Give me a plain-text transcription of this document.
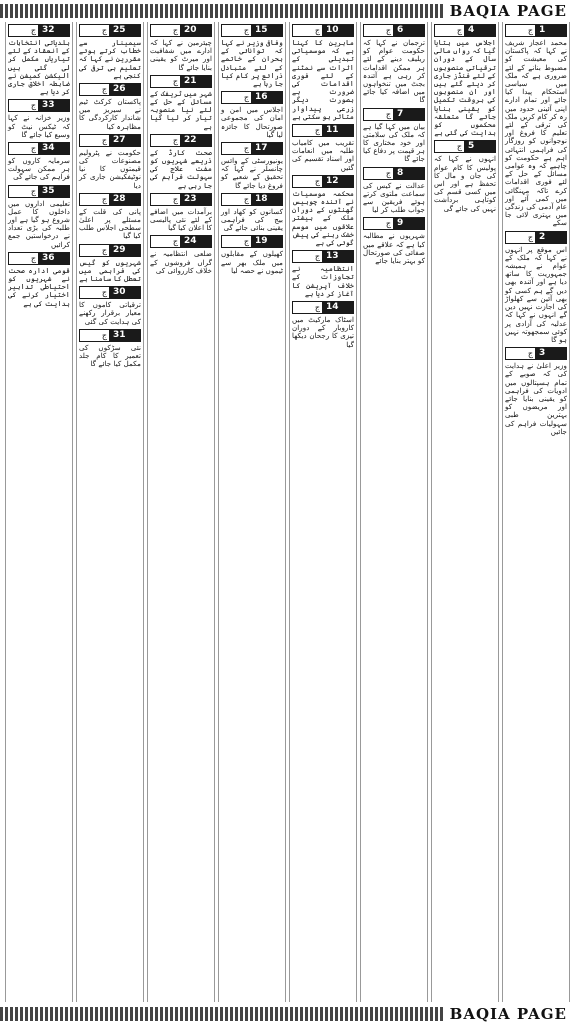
BAQIA PAGE
ج 1
محمد اعجاز شریف نے کہا کہ پاکستان کی معیشت کو مضبوط بنانے کے لئے ضروری ہے کہ ملک میں سیاسی استحکام پیدا کیا جائے اور تمام ادارے اپنی آئینی حدود میں رہ کر کام کریں ملک کی ترقی کے لئے تعلیم کا فروغ اور نوجوانوں کو روزگار کی فراہمی انتہائی اہم ہے حکومت کو چاہیے کہ وہ عوامی مسائل کے حل کے لئے فوری اقدامات کرے تاکہ مہنگائی میں کمی آئے اور عام آدمی کی زندگی میں بہتری لائی جا سکے
ج 2
اس موقع پر انہوں نے کہا کہ ملک کے عوام نے ہمیشہ جمہوریت کا ساتھ دیا ہے اور آئندہ بھی دیں گے ہم کسی کو بھی آئین سے کھلواڑ کی اجازت نہیں دیں گے انہوں نے کہا کہ عدلیہ کی آزادی پر کوئی سمجھوتہ نہیں ہو گا
ج 3
وزیر اعلیٰ نے ہدایت کی کہ صوبے کے تمام ہسپتالوں میں ادویات کی فراہمی کو یقینی بنایا جائے اور مریضوں کو بہترین طبی سہولیات فراہم کی جائیں
ج 4
اجلاس میں بتایا گیا کہ رواں مالی سال کے دوران ترقیاتی منصوبوں کے لئے فنڈز جاری کر دیئے گئے ہیں اور ان منصوبوں کی بروقت تکمیل کو یقینی بنایا جائے گا متعلقہ محکموں کو ہدایت کی گئی ہے
ج 5
انہوں نے کہا کہ پولیس کا کام عوام کی جان و مال کا تحفظ ہے اور اس میں کسی قسم کی کوتاہی برداشت نہیں کی جائے گی
ج 6
ترجمان نے کہا کہ حکومت عوام کو ریلیف دینے کے لئے ہر ممکن اقدامات کر رہی ہے آئندہ بجٹ میں تنخواہوں میں اضافہ کیا جائے گا
ج 7
بیان میں کہا گیا ہے کہ ملک کی سلامتی اور خود مختاری کا ہر قیمت پر دفاع کیا جائے گا
ج 8
عدالت نے کیس کی سماعت ملتوی کرتے ہوئے فریقین سے جواب طلب کر لیا
ج 9
شہریوں نے مطالبہ کیا ہے کہ علاقے میں صفائی کی صورتحال کو بہتر بنایا جائے
ج 10
ماہرین کا کہنا ہے کہ موسمیاتی تبدیلی کے اثرات سے نمٹنے کے لئے فوری اقدامات کی ضرورت ہے بصورت دیگر زرعی پیداوار متاثر ہو سکتی ہے
ج 11
تقریب میں کامیاب طلبہ میں انعامات اور اسناد تقسیم کی گئیں
ج 12
محکمہ موسمیات نے آئندہ چوبیس گھنٹوں کے دوران ملک کے بیشتر علاقوں میں موسم خشک رہنے کی پیش گوئی کی ہے
ج 13
انتظامیہ نے تجاوزات کے خلاف آپریشن کا آغاز کر دیا ہے
ج 14
اسٹاک مارکیٹ میں کاروبار کے دوران تیزی کا رجحان دیکھا گیا
ج 15
وفاقی وزیر نے کہا کہ توانائی کے بحران کے خاتمے کے لئے متبادل ذرائع پر کام کیا جا رہا ہے
ج 16
اجلاس میں امن و امان کی مجموعی صورتحال کا جائزہ لیا گیا
ج 17
یونیورسٹی کے وائس چانسلر نے کہا کہ تحقیق کے شعبے کو فروغ دیا جائے گا
ج 18
کسانوں کو کھاد اور بیج کی فراہمی یقینی بنائی جائے گی
ج 19
کھیلوں کے مقابلوں میں ملک بھر سے ٹیموں نے حصہ لیا
ج 20
چیئرمین نے کہا کہ ادارے میں شفافیت اور میرٹ کو یقینی بنایا جائے گا
ج 21
شہر میں ٹریفک کے مسائل کے حل کے لئے نیا منصوبہ تیار کر لیا گیا ہے
ج 22
صحت کارڈ کے ذریعے شہریوں کو مفت علاج کی سہولت فراہم کی جا رہی ہے
ج 23
برآمدات میں اضافے کے لئے نئی پالیسی کا اعلان کیا گیا
ج 24
ضلعی انتظامیہ نے گراں فروشوں کے خلاف کارروائی کی
ج 25
سیمینار سے خطاب کرتے ہوئے مقررین نے کہا کہ تعلیم ہی ترقی کی کنجی ہے
ج 26
پاکستان کرکٹ ٹیم نے سیریز میں شاندار کارکردگی کا مظاہرہ کیا
ج 27
حکومت نے پٹرولیم مصنوعات کی قیمتوں کا نیا نوٹیفکیشن جاری کر دیا
ج 28
پانی کی قلت کے مسئلے پر اعلیٰ سطحی اجلاس طلب کیا گیا
ج 29
شہریوں کو گیس کی فراہمی میں تعطل کا سامنا ہے
ج 30
ترقیاتی کاموں کا معیار برقرار رکھنے کی ہدایت کی گئی
ج 31
نئی سڑکوں کی تعمیر کا کام جلد مکمل کیا جائے گا
ج 32
بلدیاتی انتخابات کے انعقاد کے لئے تیاریاں مکمل کر لی گئی ہیں الیکشن کمیشن نے ضابطہ اخلاق جاری کر دیا ہے
ج 33
وزیر خزانہ نے کہا کہ ٹیکس نیٹ کو وسیع کیا جائے گا
ج 34
سرمایہ کاروں کو ہر ممکن سہولت فراہم کی جائے گی
ج 35
تعلیمی اداروں میں داخلوں کا عمل شروع ہو گیا ہے اور طلبہ کی بڑی تعداد نے درخواستیں جمع کرائیں
ج 36
قومی ادارہ صحت نے شہریوں کو احتیاطی تدابیر اختیار کرنے کی ہدایت کی ہے
BAQIA PAGE
